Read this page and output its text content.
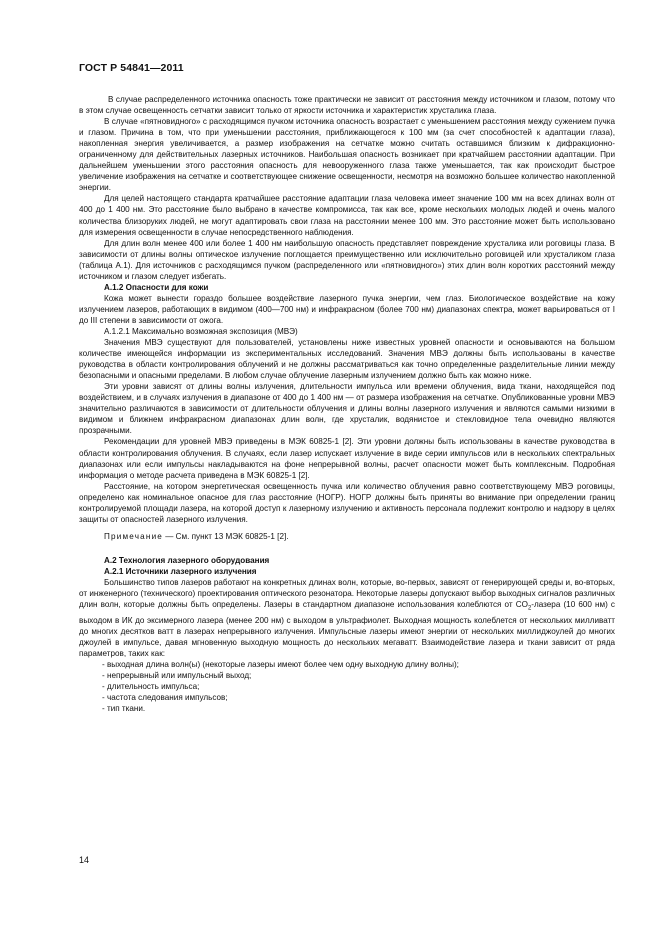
ГОСТ Р 54841—2011

В случае распределенного источника опасность тоже практически не зависит от расстояния между источником и глазом, потому что в этом случае освещенность сетчатки зависит только от яркости источника и характеристик хрусталика глаза.

В случае «пятновидного» с расходящимся пучком источника опасность возрастает с уменьшением расстояния между сужением пучка и глазом. Причина в том, что при уменьшении расстояния, приближающегося к 100 мм (за счет способностей к адаптации глаза), накопленная энергия увеличивается, а размер изображения на сетчатке можно считать оставшимся близким к дифракционно-ограниченному для действительных лазерных источников. Наибольшая опасность возникает при кратчайшем расстоянии адаптации. При дальнейшем уменьшении этого расстояния опасность для невооруженного глаза также уменьшается, так как происходит быстрое увеличение изображения на сетчатке и соответствующее снижение освещенности, несмотря на возможно большее количество накопленной энергии.

Для целей настоящего стандарта кратчайшее расстояние адаптации глаза человека имеет значение 100 мм на всех длинах волн от 400 до 1 400 нм. Это расстояние было выбрано в качестве компромисса, так как все, кроме нескольких молодых людей и очень малого количества близоруких людей, не могут адаптировать свои глаза на расстоянии менее 100 мм. Это расстояние может быть использовано для измерения освещенности в случае непосредственного наблюдения.

Для длин волн менее 400 или более 1 400 нм наибольшую опасность представляет повреждение хрусталика или роговицы глаза. В зависимости от длины волны оптическое излучение поглощается преимущественно или исключительно роговицей или хрусталиком глаза (таблица А.1). Для источников с расходящимся пучком (распределенного или «пятновидного») этих длин волн коротких расстояний между источником и глазом следует избегать.

А.1.2 Опасности для кожи

Кожа может вынести гораздо большее воздействие лазерного пучка энергии, чем глаз. Биологическое воздействие на кожу излучением лазеров, работающих в видимом (400—700 нм) и инфракрасном (более 700 нм) диапазонах спектра, может варьироваться от I до III степени в зависимости от ожога.

А.1.2.1 Максимально возможная экспозиция (МВЭ)

Значения МВЭ существуют для пользователей, установлены ниже известных уровней опасности и основываются на большом количестве имеющейся информации из экспериментальных исследований. Значения МВЭ должны быть использованы в качестве руководства в области контролирования облучений и не должны рассматриваться как точно определенные разделительные линии между безопасными и опасными пределами. В любом случае облучение лазерным излучением должно быть как можно ниже.

Эти уровни зависят от длины волны излучения, длительности импульса или времени облучения, вида ткани, находящейся под воздействием, и в случаях излучения в диапазоне от 400 до 1 400 нм — от размера изображения на сетчатке. Опубликованные уровни МВЭ значительно различаются в зависимости от длительности облучения и длины волны лазерного излучения и являются самыми низкими в видимом и ближнем инфракрасном диапазонах длин волн, где хрусталик, водянистое и стекловидное тела очевидно являются прозрачными.

Рекомендации для уровней МВЭ приведены в МЭК 60825-1 [2]. Эти уровни должны быть использованы в качестве руководства в области контролирования облучения. В случаях, если лазер испускает излучение в виде серии импульсов или в нескольких спектральных диапазонах или если импульсы накладываются на фоне непрерывной волны, расчет опасности может быть комплексным. Подробная информация о методе расчета приведена в МЭК 60825-1 [2].

Расстояние, на котором энергетическая освещенность пучка или количество облучения равно соответствующему МВЭ роговицы, определено как номинальное опасное для глаз расстояние (НОГР). НОГР должны быть приняты во внимание при определении границ контролируемой площади лазера, на которой доступ к лазерному излучению и активность персонала подлежит контролю и надзору в целях защиты от опасностей лазерного излучения.

Примечание — См. пункт 13 МЭК 60825-1 [2].

А.2 Технология лазерного оборудования
А.2.1 Источники лазерного излучения

Большинство типов лазеров работают на конкретных длинах волн, которые, во-первых, зависят от генерирующей среды и, во-вторых, от инженерного (технического) проектирования оптического резонатора. Некоторые лазеры допускают выбор выходных сигналов различных длин волн, которые должны быть определены. Лазеры в стандартном диапазоне использования колеблются от $CO_2$-лазера (10 600 нм) с выходом в ИК до эксимерного лазера (менее 200 нм) с выходом в ультрафиолет. Выходная мощность колеблется от нескольких милливатт до многих десятков ватт в лазерах непрерывного излучения. Импульсные лазеры имеют энергии от нескольких миллиджоулей до многих джоулей в импульсе, давая мгновенную выходную мощность до нескольких мегаватт. Взаимодействие лазера и ткани зависит от ряда параметров, таких как:

- выходная длина волн(ы) (некоторые лазеры имеют более чем одну выходную длину волны);
- непрерывный или импульсный выход;
- длительность импульса;
- частота следования импульсов;
- тип ткани.
14
